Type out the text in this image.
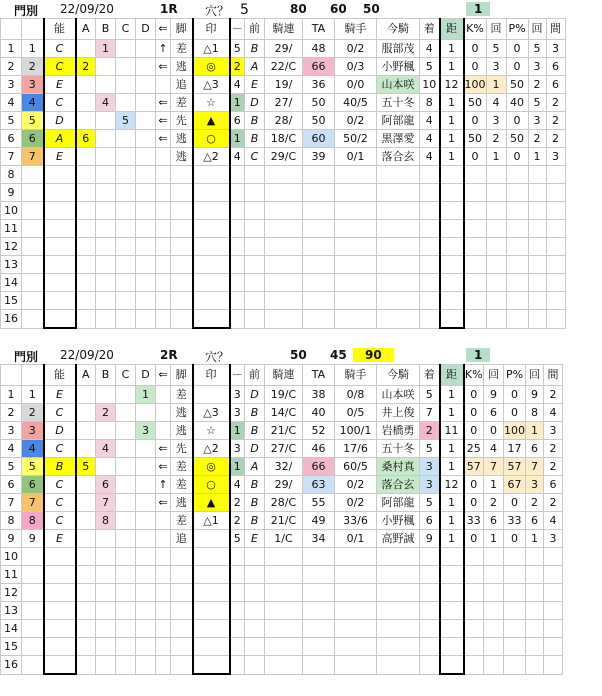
門別 22/09/20	1R 穴？ 5	80 60 50	1
		能	A	B	C	D	⇐	脚	印	－	前	騎連	TA	騎手	今騎	着	距	K%	回	P%	回	間
1	1	C		1			↑	差	△1	5	B	29/	48	0/2	服部茂	4	1	0	5	0	5	3
2	2	C	2				⇐	逃	◎	2	A	22/C	66	0/3	小野楓	5	1	0	3	0	3	6
3	3	E						追	△3	4	E	19/	36	0/0	山本咲	10	12	100	1	50	2	6
4	4	C		4			⇐	差	☆	1	D	27/	50	40/5	五十冬	8	1	50	4	40	5	2
5	5	D			5		⇐	先	▲	6	B	28/	50	0/2	阿部龍	4	1	0	3	0	3	2
6	6	A	6				⇐	逃	○	1	B	18/C	60	50/2	黒澤愛	4	1	50	2	50	2	2
7	7	E						逃	△2	4	C	29/C	39	0/1	落合玄	4	1	0	1	0	1	3
8																						
9																						
10																						
11																						
12																						
13																						
14																						
15																						
16																						
門別 22/09/20	2R 穴？	50 45	90	1
		能	A	B	C	D	⇐	脚	印	－	前	騎連	TA	騎手	今騎	着	距	K%	回	P%	回	間
1	1	E				1		差		3	D	19/C	38	0/8	山本咲	5	1	0	9	0	9	2
2	2	C		2				逃	△3	3	B	14/C	40	0/5	井上俊	7	1	0	6	0	8	4
3	3	D				3		逃	☆	1	B	21/C	52	100/1	岩橋勇	2	11	0	0	100	1	3
4	4	C		4			⇐	先	△2	3	D	27/C	46	17/6	五十冬	5	1	25	4	17	6	2
5	5	B	5				⇐	差	◎	1	A	32/	66	60/5	桑村真	3	1	57	7	57	7	2
6	6	C		6			↑	差	○	4	B	29/	63	0/2	落合玄	3	12	0	1	67	3	6
7	7	C		7			⇐	逃	▲	2	B	28/C	55	0/2	阿部龍	5	1	0	2	0	2	2
8	8	C		8				差	△1	2	B	21/C	49	33/6	小野楓	6	1	33	6	33	6	4
9	9	E						追		5	E	1/C	34	0/1	高野誠	9	1	0	1	0	1	3
10																						
11																						
12																						
13																						
14																						
15																						
16																						
